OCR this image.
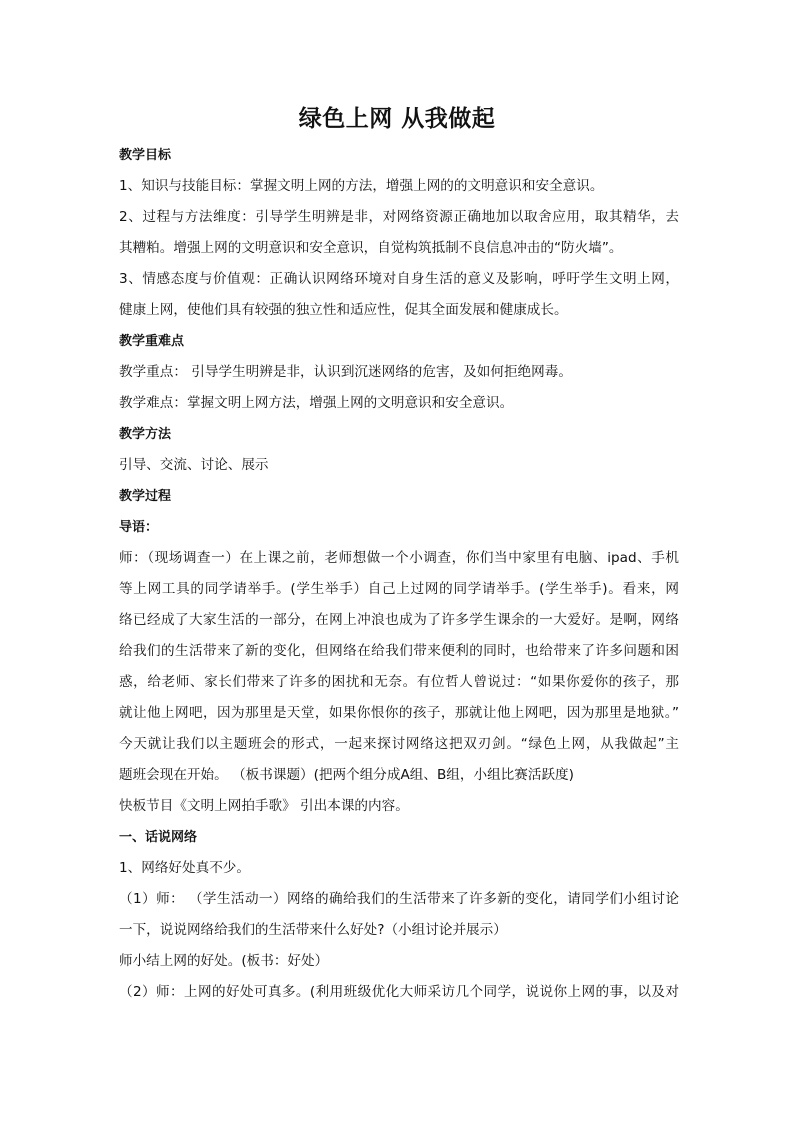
绿色上网 从我做起
教学目标
1、知识与技能目标：掌握文明上网的方法，增强上网的的文明意识和安全意识。
2、过程与方法维度：引导学生明辨是非，对网络资源正确地加以取舍应用，取其精华，去
其糟粕。增强上网的文明意识和安全意识，自觉构筑抵制不良信息冲击的“防火墙”。
3、情感态度与价值观：正确认识网络环境对自身生活的意义及影响，呼吁学生文明上网，
健康上网，使他们具有较强的独立性和适应性，促其全面发展和健康成长。
教学重难点
教学重点： 引导学生明辨是非，认识到沉迷网络的危害，及如何拒绝网毒。
教学难点：掌握文明上网方法，增强上网的文明意识和安全意识。
教学方法
引导、交流、讨论、展示
教学过程
导语：
师：（现场调查一）在上课之前，老师想做一个小调查，你们当中家里有电脑、ipad、手机
等上网工具的同学请举手。(学生举手）自己上过网的同学请举手。(学生举手)。看来，网
络已经成了大家生活的一部分，在网上冲浪也成为了许多学生课余的一大爱好。是啊，网络
给我们的生活带来了新的变化，但网络在给我们带来便利的同时，也给带来了许多问题和困
惑，给老师、家长们带来了许多的困扰和无奈。有位哲人曾说过：“如果你爱你的孩子，那
就让他上网吧，因为那里是天堂，如果你恨你的孩子，那就让他上网吧，因为那里是地狱。”
今天就让我们以主题班会的形式，一起来探讨网络这把双刃剑。“绿色上网，从我做起”主
题班会现在开始。 （板书课题）(把两个组分成A组、B组，小组比赛活跃度)
快板节目《文明上网拍手歌》 引出本课的内容。
一、话说网络
1、网络好处真不少。
（1）师： （学生活动一）网络的确给我们的生活带来了许多新的变化，请同学们小组讨论
一下，说说网络给我们的生活带来什么好处?（小组讨论并展示）
师小结上网的好处。(板书：好处）
（2）师：上网的好处可真多。(利用班级优化大师采访几个同学，说说你上网的事，以及对
